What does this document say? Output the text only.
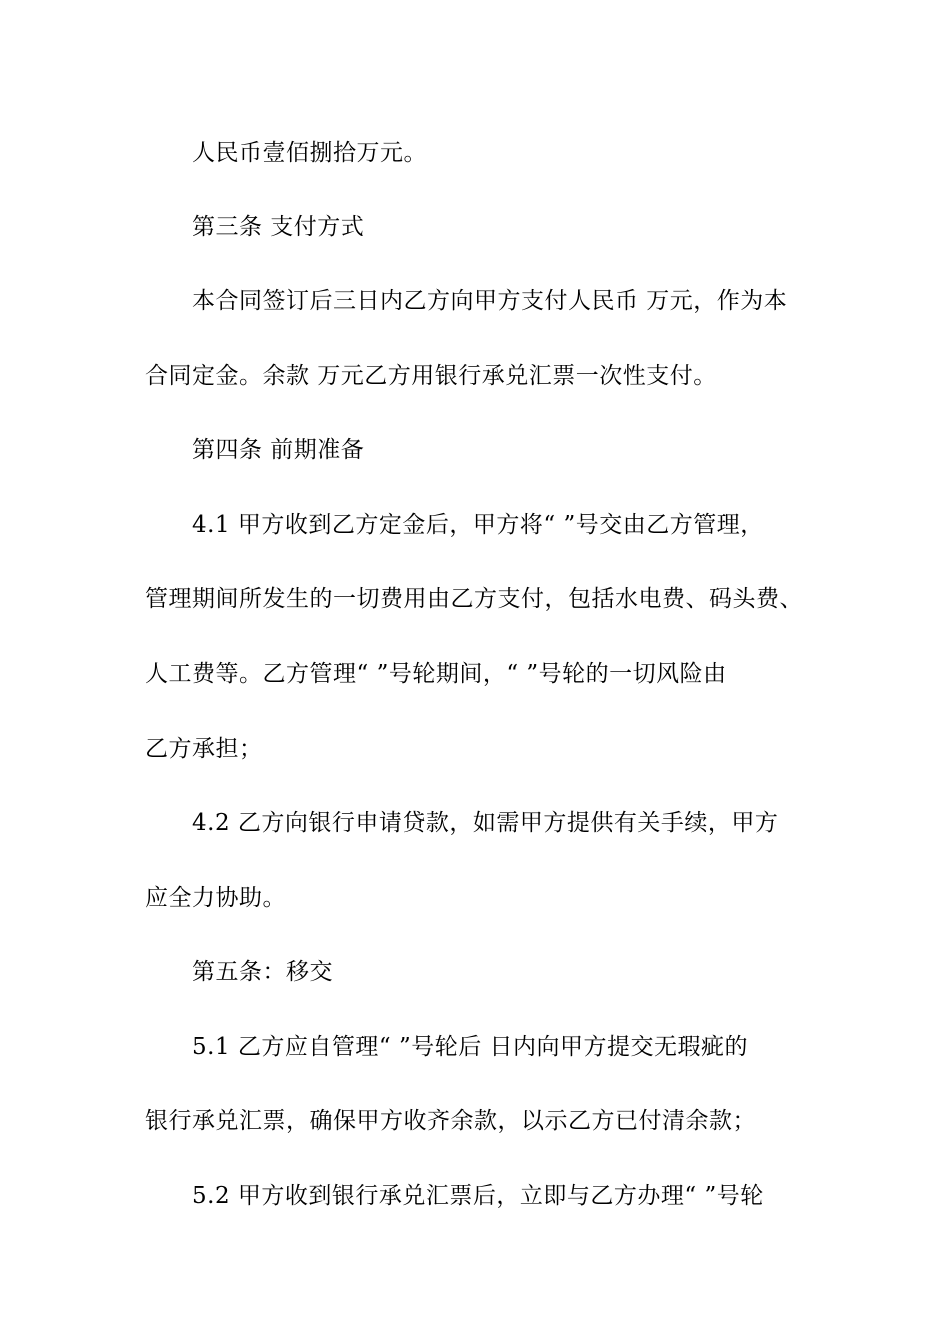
人民币壹佰捌拾万元。
第三条 支付方式
本合同签订后三日内乙方向甲方支付人民币 万元，作为本
合同定金。余款 万元乙方用银行承兑汇票一次性支付。
第四条 前期准备
4.1 甲方收到乙方定金后，甲方将“ ”号交由乙方管理，
管理期间所发生的一切费用由乙方支付，包括水电费、码头费、
人工费等。乙方管理“ ”号轮期间，“ ”号轮的一切风险由
乙方承担；
4.2 乙方向银行申请贷款，如需甲方提供有关手续，甲方
应全力协助。
第五条：移交
5.1 乙方应自管理“ ”号轮后 日内向甲方提交无瑕疵的
银行承兑汇票，确保甲方收齐余款，以示乙方已付清余款；
5.2 甲方收到银行承兑汇票后，立即与乙方办理“ ”号轮
